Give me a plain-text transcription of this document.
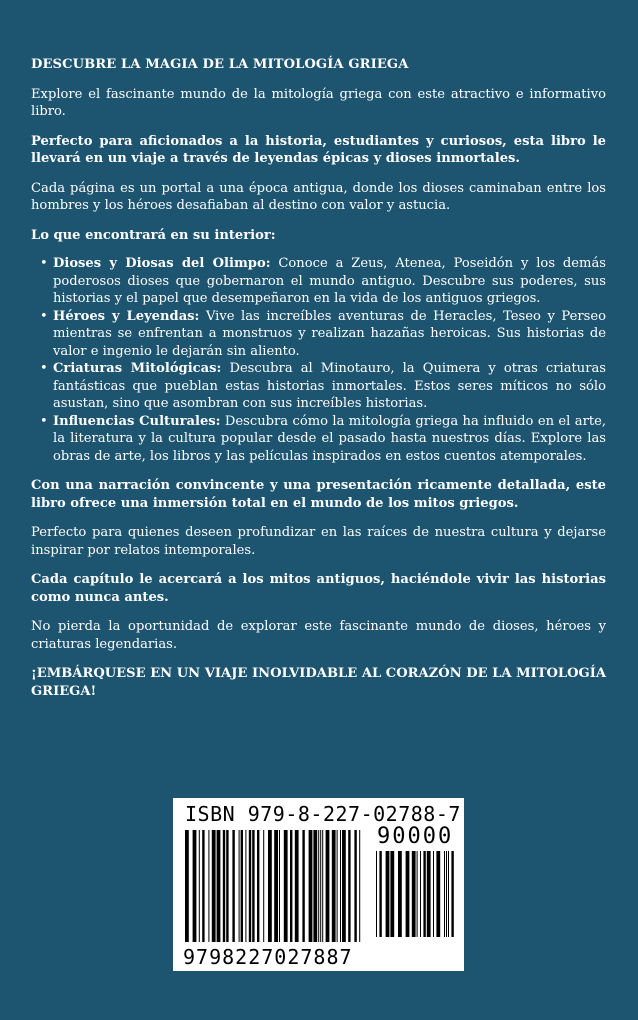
DESCUBRE LA MAGIA DE LA MITOLOGÍA GRIEGA

Explore el fascinante mundo de la mitología griega con este atractivo e informativo libro.

Perfecto para aficionados a la historia, estudiantes y curiosos, esta libro le llevará en un viaje a través de leyendas épicas y dioses inmortales.

Cada página es un portal a una época antigua, donde los dioses caminaban entre los hombres y los héroes desafiaban al destino con valor y astucia.

Lo que encontrará en su interior:

• Dioses y Diosas del Olimpo: Conoce a Zeus, Atenea, Poseidón y los demás poderosos dioses que gobernaron el mundo antiguo. Descubre sus poderes, sus historias y el papel que desempeñaron en la vida de los antiguos griegos.
• Héroes y Leyendas: Vive las increíbles aventuras de Heracles, Teseo y Perseo mientras se enfrentan a monstruos y realizan hazañas heroicas. Sus historias de valor e ingenio le dejarán sin aliento.
• Criaturas Mitológicas: Descubra al Minotauro, la Quimera y otras criaturas fantásticas que pueblan estas historias inmortales. Estos seres míticos no sólo asustan, sino que asombran con sus increíbles historias.
• Influencias Culturales: Descubra cómo la mitología griega ha influido en el arte, la literatura y la cultura popular desde el pasado hasta nuestros días. Explore las obras de arte, los libros y las películas inspirados en estos cuentos atemporales.

Con una narración convincente y una presentación ricamente detallada, este libro ofrece una inmersión total en el mundo de los mitos griegos.

Perfecto para quienes deseen profundizar en las raíces de nuestra cultura y dejarse inspirar por relatos intemporales.

Cada capítulo le acercará a los mitos antiguos, haciéndole vivir las historias como nunca antes.

No pierda la oportunidad de explorar este fascinante mundo de dioses, héroes y criaturas legendarias.

¡EMBÁRQUESE EN UN VIAJE INOLVIDABLE AL CORAZÓN DE LA MITOLOGÍA GRIEGA!

ISBN 979-8-227-02788-7
90000
9798227027887
